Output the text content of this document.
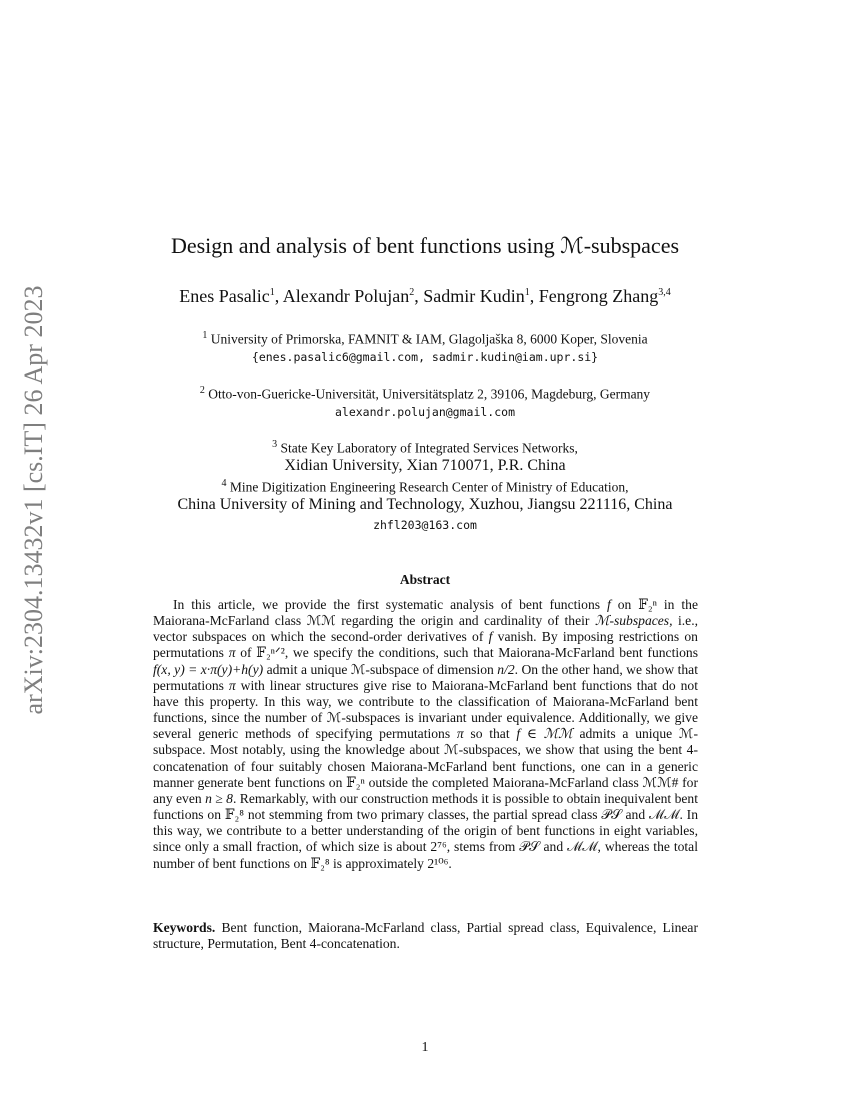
arXiv:2304.13432v1 [cs.IT] 26 Apr 2023
Design and analysis of bent functions using ℳ-subspaces
Enes Pasalic$^1$, Alexandr Polujan$^2$, Sadmir Kudin$^1$, Fengrong Zhang$^{3,4}$
$^1$ University of Primorska, FAMNIT & IAM, Glagoljaška 8, 6000 Koper, Slovenia
{enes.pasalic6@gmail.com, sadmir.kudin@iam.upr.si}
$^2$ Otto-von-Guericke-Universität, Universitätsplatz 2, 39106, Magdeburg, Germany
alexandr.polujan@gmail.com
$^3$ State Key Laboratory of Integrated Services Networks,
Xidian University, Xian 710071, P.R. China
$^4$ Mine Digitization Engineering Research Center of Ministry of Education,
China University of Mining and Technology, Xuzhou, Jiangsu 221116, China
zhfl203@163.com
Abstract

In this article, we provide the first systematic analysis of bent functions f on 𝔽₂ⁿ in the Maiorana-McFarland class ℳℳ regarding the origin and cardinality of their ℳ-subspaces, i.e., vector subspaces on which the second-order derivatives of f vanish. By imposing restrictions on permutations π of 𝔽₂ⁿᐟ², we specify the conditions, such that Maiorana-McFarland bent functions f(x, y) = x·π(y)+h(y) admit a unique ℳ-subspace of dimension n/2. On the other hand, we show that permutations π with linear structures give rise to Maiorana-McFarland bent functions that do not have this property. In this way, we contribute to the classification of Maiorana-McFarland bent functions, since the number of ℳ-subspaces is invariant under equivalence. Additionally, we give several generic methods of specifying permutations π so that f ∈ ℳℳ admits a unique ℳ-subspace. Most notably, using the knowledge about ℳ-subspaces, we show that using the bent 4-concatenation of four suitably chosen Maiorana-McFarland bent functions, one can in a generic manner generate bent functions on 𝔽₂ⁿ outside the completed Maiorana-McFarland class ℳℳ# for any even n ≥ 8. Remarkably, with our construction methods it is possible to obtain inequivalent bent functions on 𝔽₂⁸ not stemming from two primary classes, the partial spread class 𝒫𝒮 and ℳℳ. In this way, we contribute to a better understanding of the origin of bent functions in eight variables, since only a small fraction, of which size is about 2⁷⁶, stems from 𝒫𝒮 and ℳℳ, whereas the total number of bent functions on 𝔽₂⁸ is approximately 2¹⁰⁶.

Keywords. Bent function, Maiorana-McFarland class, Partial spread class, Equivalence, Linear structure, Permutation, Bent 4-concatenation.
1
